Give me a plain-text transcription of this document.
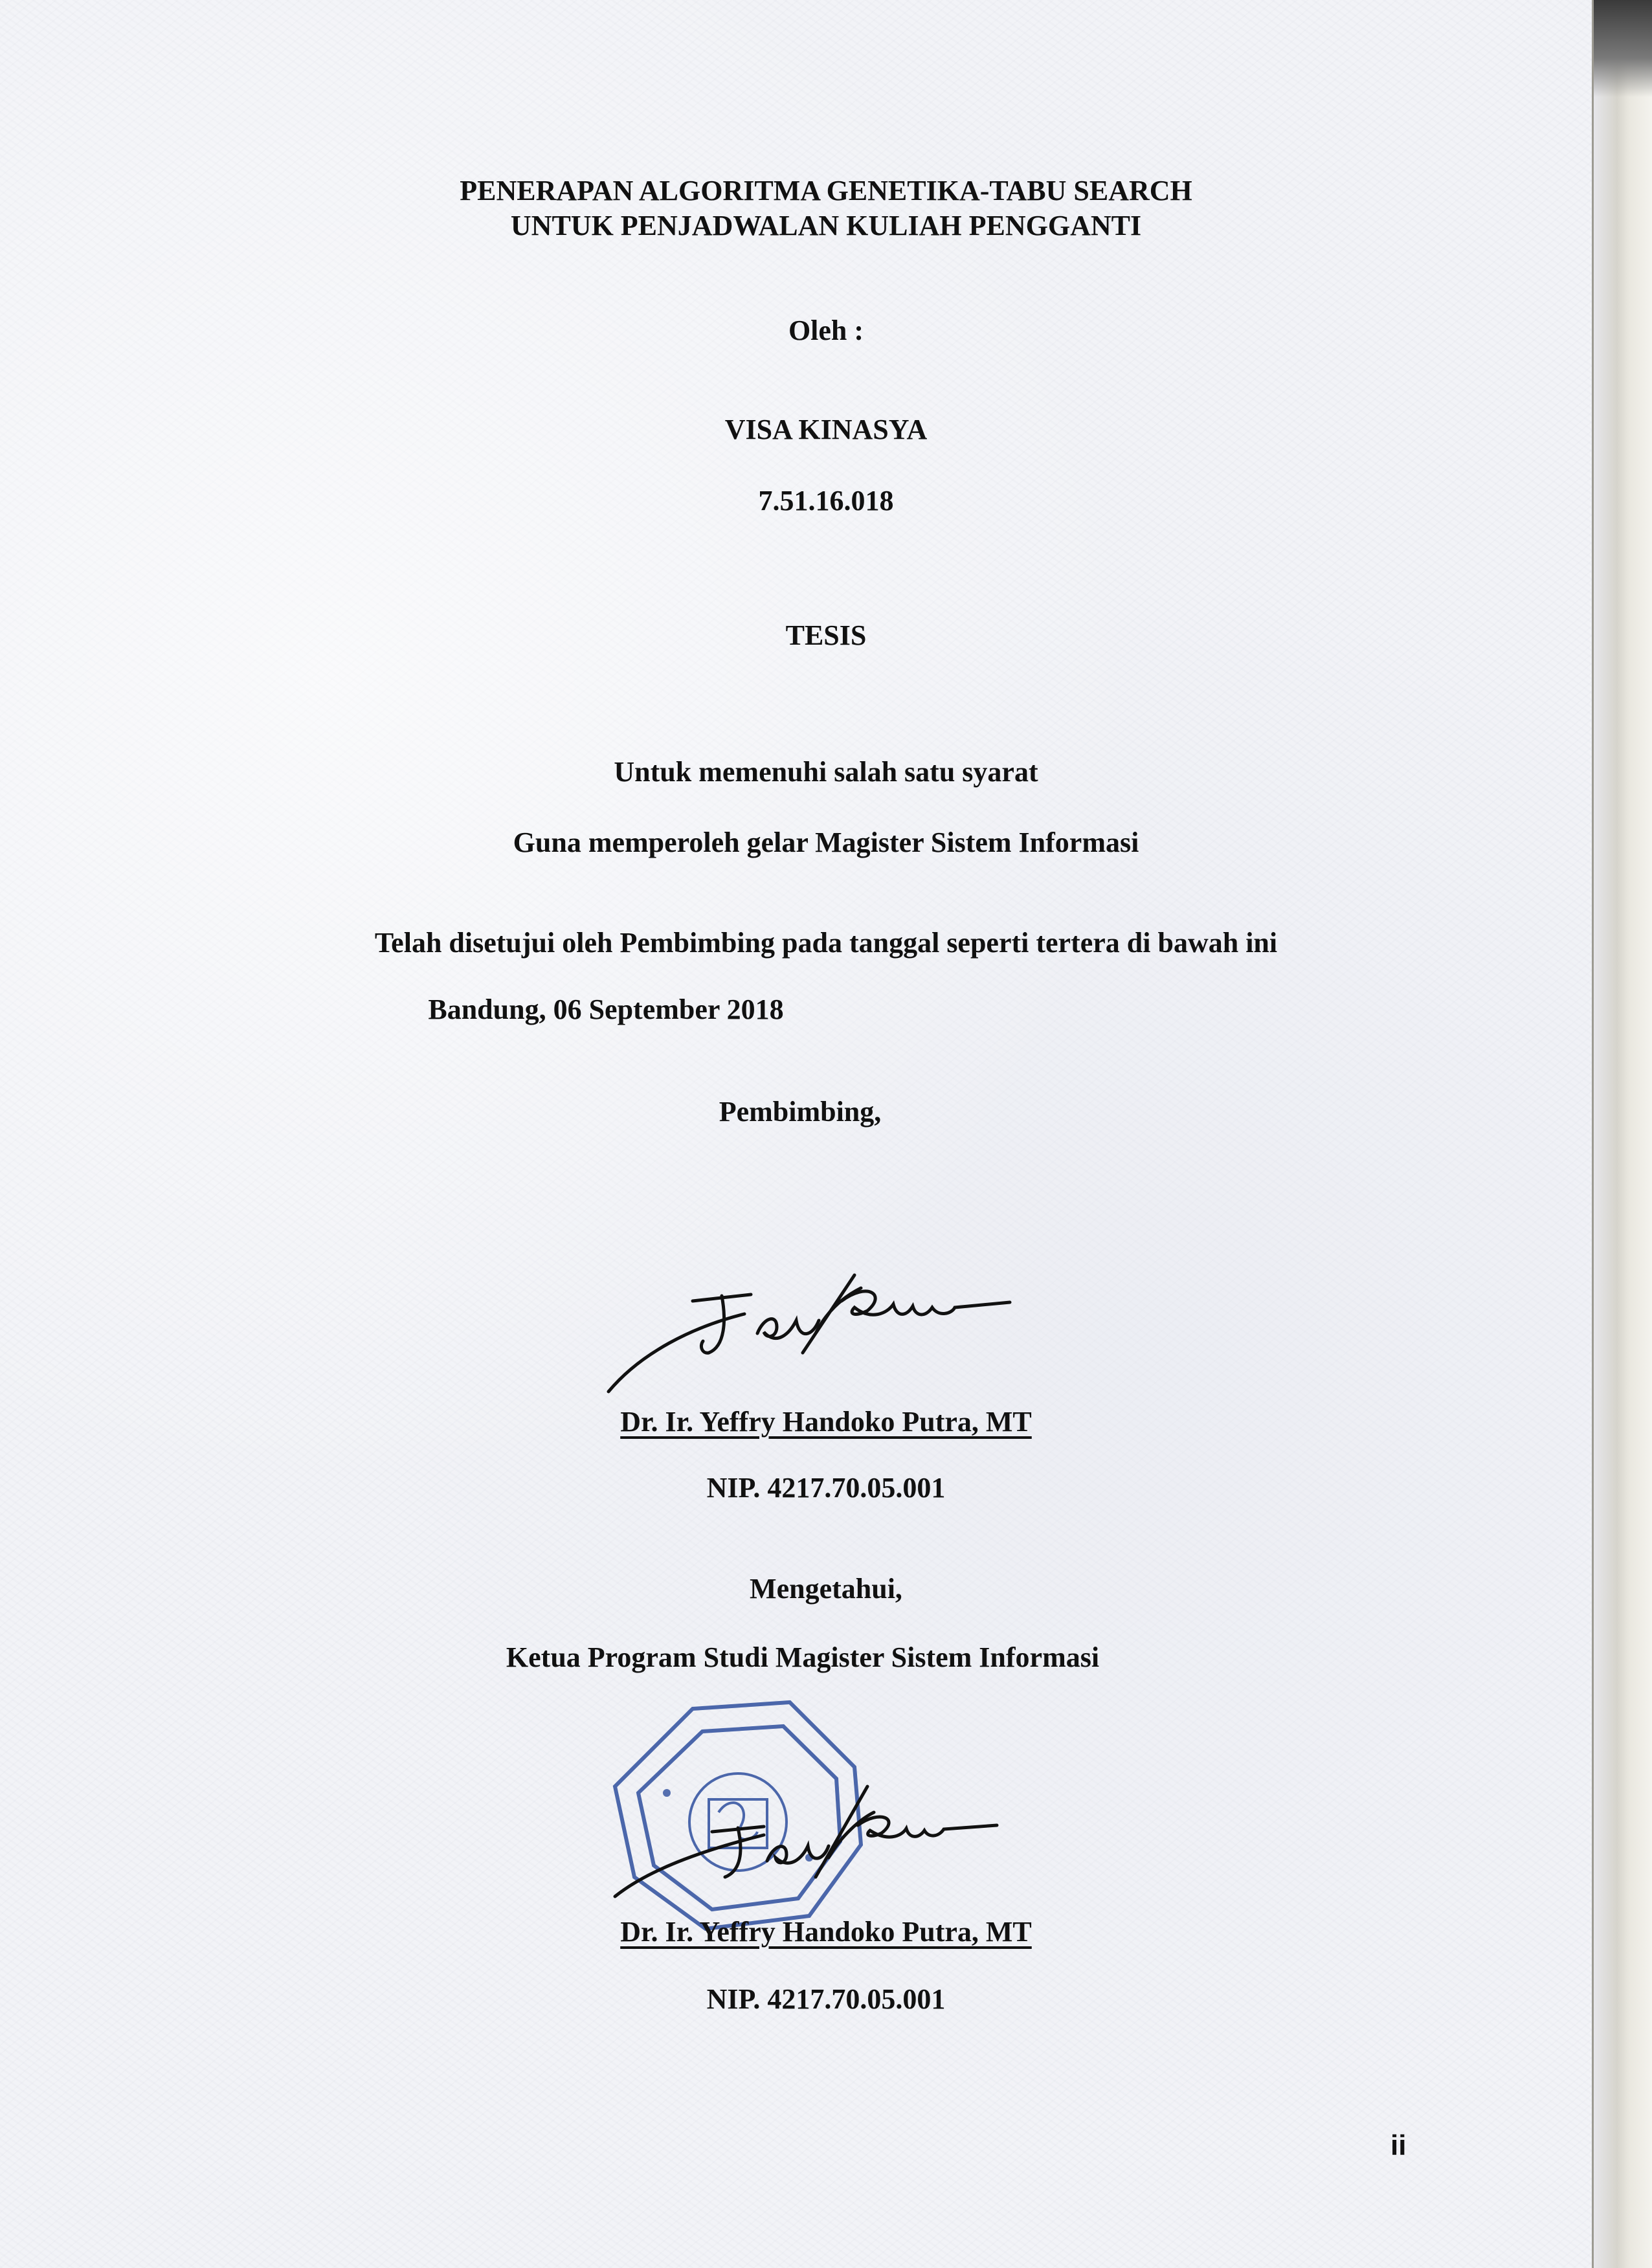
PENERAPAN ALGORITMA GENETIKA-TABU SEARCH
UNTUK PENJADWALAN KULIAH PENGGANTI
Oleh :
VISA KINASYA
7.51.16.018
TESIS
Untuk memenuhi salah satu syarat
Guna memperoleh gelar Magister Sistem Informasi
Telah disetujui oleh Pembimbing pada tanggal seperti tertera di bawah ini
Bandung, 06 September 2018
Pembimbing,
Dr. Ir. Yeffry Handoko Putra, MT
NIP. 4217.70.05.001
Mengetahui,
Ketua Program Studi Magister Sistem Informasi
Dr. Ir. Yeffry Handoko Putra, MT
NIP. 4217.70.05.001
ii
